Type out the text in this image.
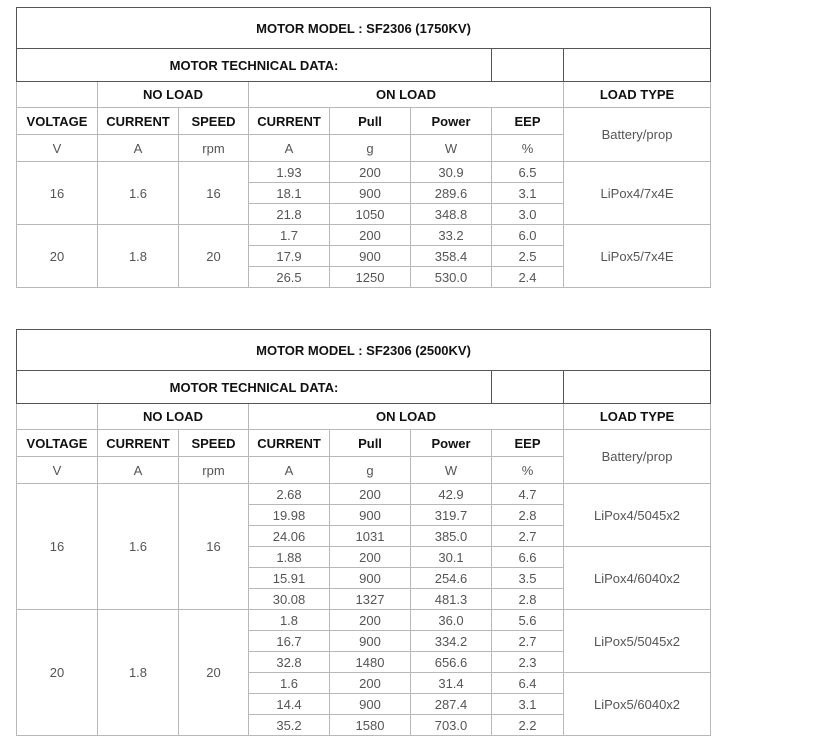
MOTOR MODEL : SF2306 (1750KV)							
MOTOR TECHNICAL DATA:							
	NO LOAD		ON LOAD				LOAD TYPE
VOLTAGE	CURRENT	SPEED	CURRENT	Pull	Power	EEP	Battery/prop
V	A	rpm	A	g	W	%	
16	1.6	16	1.93	200	30.9	6.5	LiPox4/7x4E
			18.1	900	289.6	3.1	
			21.8	1050	348.8	3.0	
20	1.8	20	1.7	200	33.2	6.0	LiPox5/7x4E
			17.9	900	358.4	2.5	
			26.5	1250	530.0	2.4	
MOTOR MODEL : SF2306 (2500KV)							
MOTOR TECHNICAL DATA:							
	NO LOAD		ON LOAD				LOAD TYPE
VOLTAGE	CURRENT	SPEED	CURRENT	Pull	Power	EEP	Battery/prop
V	A	rpm	A	g	W	%	
16	1.6	16	2.68	200	42.9	4.7	LiPox4/5045x2
			19.98	900	319.7	2.8	
			24.06	1031	385.0	2.7	
			1.88	200	30.1	6.6	LiPox4/6040x2
			15.91	900	254.6	3.5	
			30.08	1327	481.3	2.8	
20	1.8	20	1.8	200	36.0	5.6	LiPox5/5045x2
			16.7	900	334.2	2.7	
			32.8	1480	656.6	2.3	
			1.6	200	31.4	6.4	LiPox5/6040x2
			14.4	900	287.4	3.1	
			35.2	1580	703.0	2.2	
